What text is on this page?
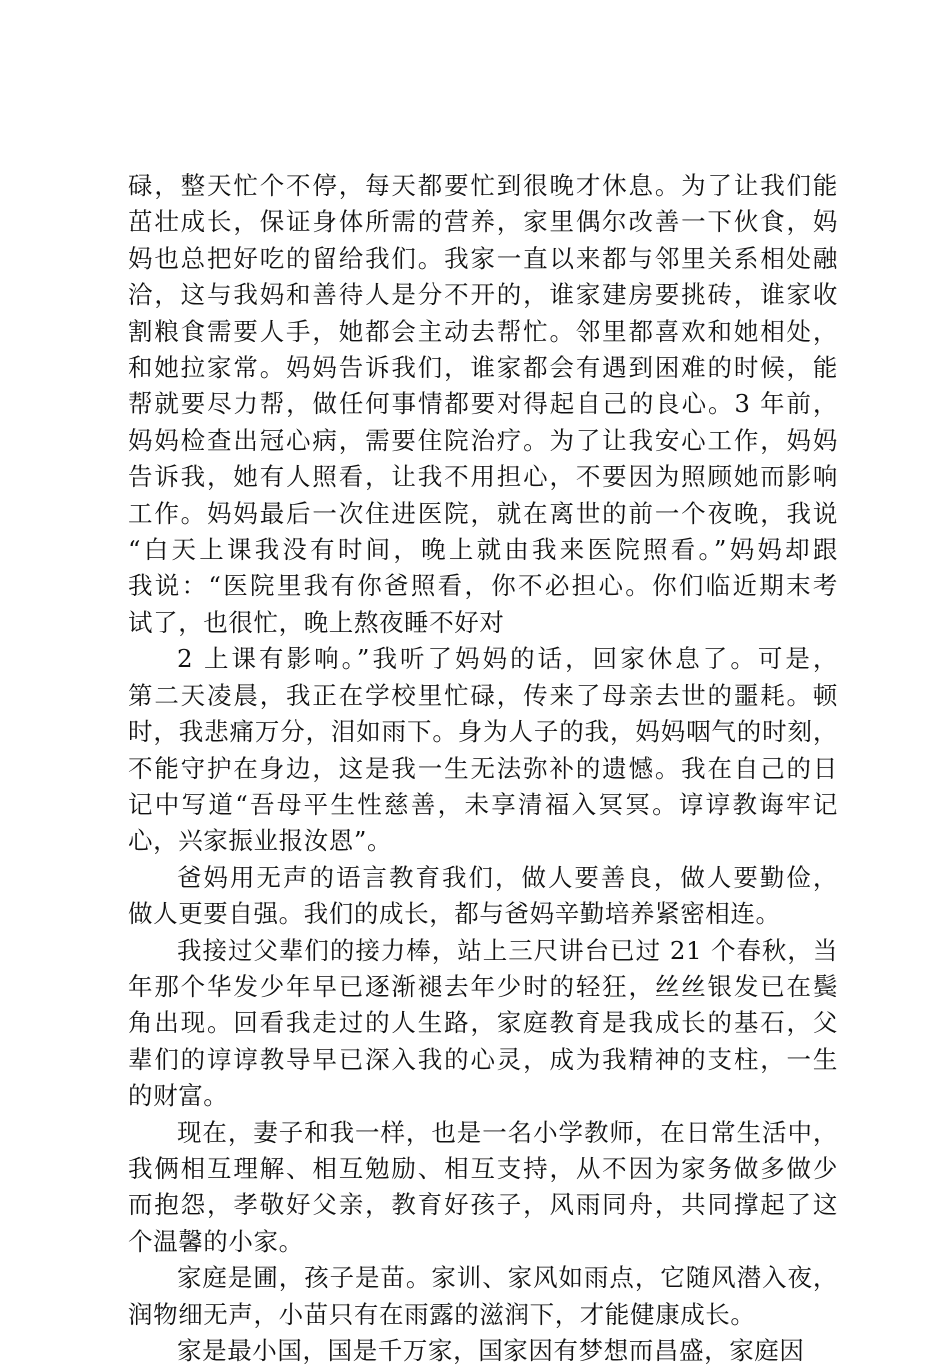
碌，整天忙个不停，每天都要忙到很晚才休息。为了让我们能
茁壮成长，保证身体所需的营养，家里偶尔改善一下伙食，妈
妈也总把好吃的留给我们。我家一直以来都与邻里关系相处融
洽，这与我妈和善待人是分不开的，谁家建房要挑砖，谁家收
割粮食需要人手，她都会主动去帮忙。邻里都喜欢和她相处，
和她拉家常。妈妈告诉我们，谁家都会有遇到困难的时候，能
帮就要尽力帮，做任何事情都要对得起自己的良心。3 年前，
妈妈检查出冠心病，需要住院治疗。为了让我安心工作，妈妈
告诉我，她有人照看，让我不用担心，不要因为照顾她而影响
工作。妈妈最后一次住进医院，就在离世的前一个夜晚，我说
“白天上课我没有时间，晚上就由我来医院照看。”妈妈却跟
我说：“医院里我有你爸照看，你不必担心。你们临近期末考
试了，也很忙，晚上熬夜睡不好对
2 上课有影响。”我听了妈妈的话，回家休息了。可是，
第二天凌晨，我正在学校里忙碌，传来了母亲去世的噩耗。顿
时，我悲痛万分，泪如雨下。身为人子的我，妈妈咽气的时刻，
不能守护在身边，这是我一生无法弥补的遗憾。我在自己的日
记中写道“吾母平生性慈善，未享清福入冥冥。谆谆教诲牢记
心，兴家振业报汝恩”。
爸妈用无声的语言教育我们，做人要善良，做人要勤俭，
做人更要自强。我们的成长，都与爸妈辛勤培养紧密相连。
我接过父辈们的接力棒，站上三尺讲台已过 21 个春秋，当
年那个华发少年早已逐渐褪去年少时的轻狂，丝丝银发已在鬓
角出现。回看我走过的人生路，家庭教育是我成长的基石，父
辈们的谆谆教导早已深入我的心灵，成为我精神的支柱，一生
的财富。
现在，妻子和我一样，也是一名小学教师，在日常生活中，
我俩相互理解、相互勉励、相互支持，从不因为家务做多做少
而抱怨，孝敬好父亲，教育好孩子，风雨同舟，共同撑起了这
个温馨的小家。
家庭是圃，孩子是苗。家训、家风如雨点，它随风潜入夜，
润物细无声，小苗只有在雨露的滋润下，才能健康成长。
家是最小国，国是千万家，国家因有梦想而昌盛，家庭因
